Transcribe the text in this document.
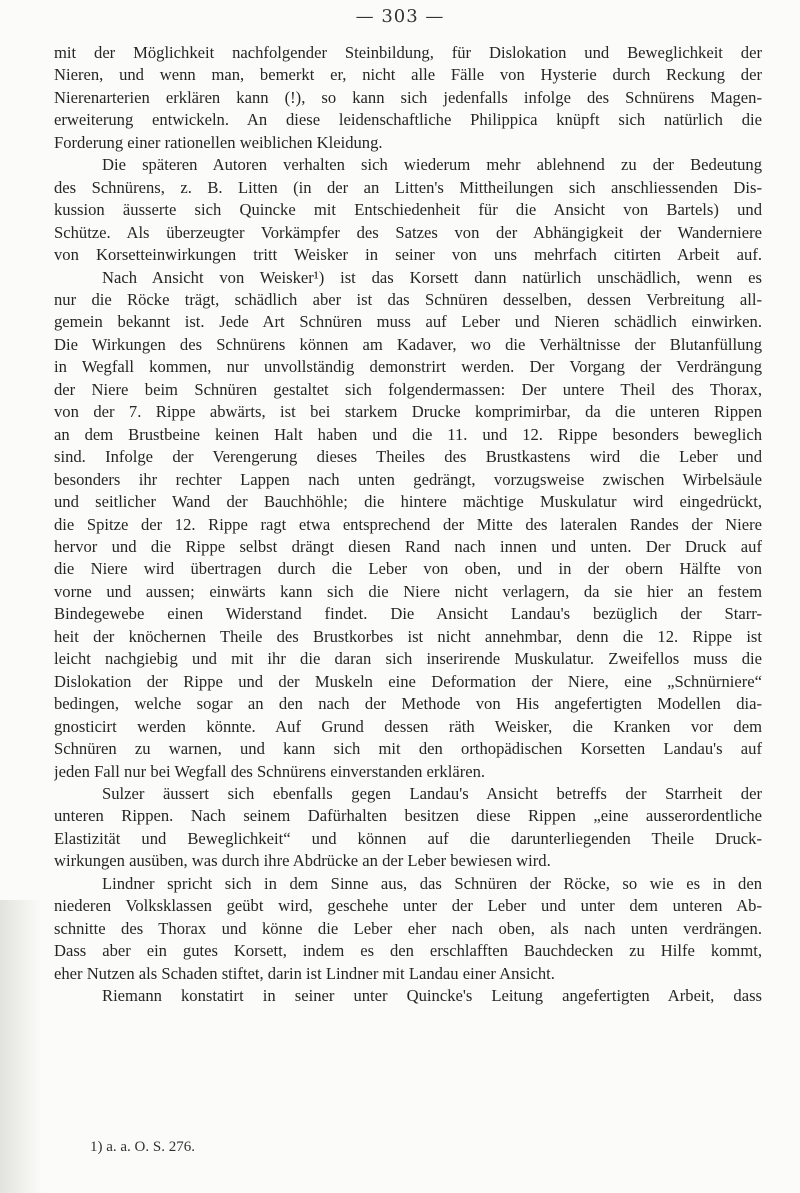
— 303 —
mit der Möglichkeit nachfolgender Steinbildung, für Dislokation und Beweglichkeit der
Nieren, und wenn man, bemerkt er, nicht alle Fälle von Hysterie durch Reckung der
Nierenarterien erklären kann (!), so kann sich jedenfalls infolge des Schnürens Magen-
erweiterung entwickeln. An diese leidenschaftliche Philippica knüpft sich natürlich die
Forderung einer rationellen weiblichen Kleidung.
Die späteren Autoren verhalten sich wiederum mehr ablehnend zu der Bedeutung
des Schnürens, z. B. Litten (in der an Litten's Mittheilungen sich anschliessenden Dis-
kussion äusserte sich Quincke mit Entschiedenheit für die Ansicht von Bartels) und
Schütze. Als überzeugter Vorkämpfer des Satzes von der Abhängigkeit der Wanderniere
von Korsetteinwirkungen tritt Weisker in seiner von uns mehrfach citirten Arbeit auf.
Nach Ansicht von Weisker¹) ist das Korsett dann natürlich unschädlich, wenn es
nur die Röcke trägt, schädlich aber ist das Schnüren desselben, dessen Verbreitung all-
gemein bekannt ist. Jede Art Schnüren muss auf Leber und Nieren schädlich einwirken.
Die Wirkungen des Schnürens können am Kadaver, wo die Verhältnisse der Blutanfüllung
in Wegfall kommen, nur unvollständig demonstrirt werden. Der Vorgang der Verdrängung
der Niere beim Schnüren gestaltet sich folgendermassen: Der untere Theil des Thorax,
von der 7. Rippe abwärts, ist bei starkem Drucke komprimirbar, da die unteren Rippen
an dem Brustbeine keinen Halt haben und die 11. und 12. Rippe besonders beweglich
sind. Infolge der Verengerung dieses Theiles des Brustkastens wird die Leber und
besonders ihr rechter Lappen nach unten gedrängt, vorzugsweise zwischen Wirbelsäule
und seitlicher Wand der Bauchhöhle; die hintere mächtige Muskulatur wird eingedrückt,
die Spitze der 12. Rippe ragt etwa entsprechend der Mitte des lateralen Randes der Niere
hervor und die Rippe selbst drängt diesen Rand nach innen und unten. Der Druck auf
die Niere wird übertragen durch die Leber von oben, und in der obern Hälfte von
vorne und aussen; einwärts kann sich die Niere nicht verlagern, da sie hier an festem
Bindegewebe einen Widerstand findet. Die Ansicht Landau's bezüglich der Starr-
heit der knöchernen Theile des Brustkorbes ist nicht annehmbar, denn die 12. Rippe ist
leicht nachgiebig und mit ihr die daran sich inserirende Muskulatur. Zweifellos muss die
Dislokation der Rippe und der Muskeln eine Deformation der Niere, eine „Schnürniere“
bedingen, welche sogar an den nach der Methode von His angefertigten Modellen dia-
gnosticirt werden könnte. Auf Grund dessen räth Weisker, die Kranken vor dem
Schnüren zu warnen, und kann sich mit den orthopädischen Korsetten Landau's auf
jeden Fall nur bei Wegfall des Schnürens einverstanden erklären.
Sulzer äussert sich ebenfalls gegen Landau's Ansicht betreffs der Starrheit der
unteren Rippen. Nach seinem Dafürhalten besitzen diese Rippen „eine ausserordentliche
Elastizität und Beweglichkeit“ und können auf die darunterliegenden Theile Druck-
wirkungen ausüben, was durch ihre Abdrücke an der Leber bewiesen wird.
Lindner spricht sich in dem Sinne aus, das Schnüren der Röcke, so wie es in den
niederen Volksklassen geübt wird, geschehe unter der Leber und unter dem unteren Ab-
schnitte des Thorax und könne die Leber eher nach oben, als nach unten verdrängen.
Dass aber ein gutes Korsett, indem es den erschlafften Bauchdecken zu Hilfe kommt,
eher Nutzen als Schaden stiftet, darin ist Lindner mit Landau einer Ansicht.
Riemann konstatirt in seiner unter Quincke's Leitung angefertigten Arbeit, dass
1) a. a. O. S. 276.
